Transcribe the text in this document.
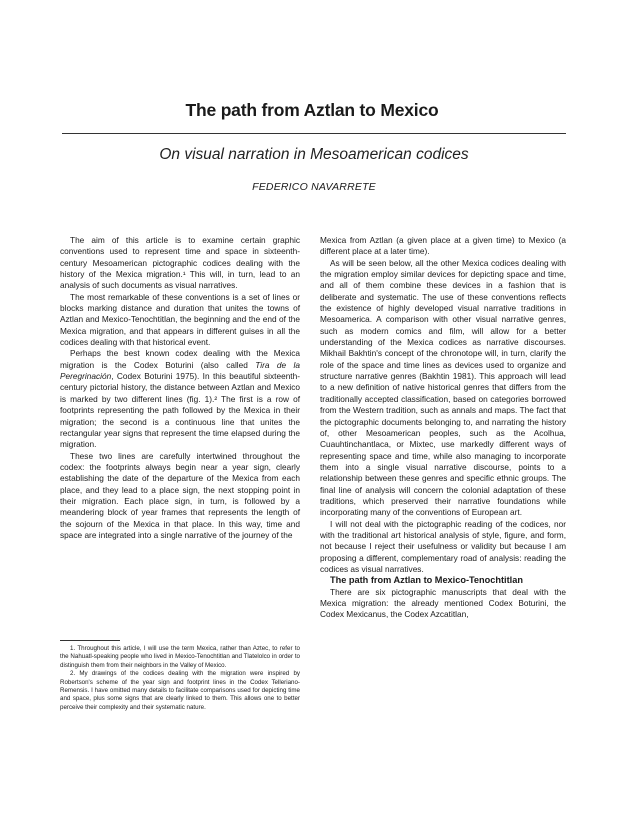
The path from Aztlan to Mexico
On visual narration in Mesoamerican codices
FEDERICO NAVARRETE

The aim of this article is to examine certain graphic conventions used to represent time and space in sixteenth-century Mesoamerican pictographic codices dealing with the history of the Mexica migration.¹ This will, in turn, lead to an analysis of such documents as visual narratives.

The most remarkable of these conventions is a set of lines or blocks marking distance and duration that unites the towns of Aztlan and Mexico-Tenochtitlan, the beginning and the end of the Mexica migration, and that appears in different guises in all the codices dealing with that historical event.

Perhaps the best known codex dealing with the Mexica migration is the Codex Boturini (also called Tira de la Peregrinación, Codex Boturini 1975). In this beautiful sixteenth-century pictorial history, the distance between Aztlan and Mexico is marked by two different lines (fig. 1).² The first is a row of footprints representing the path followed by the Mexica in their migration; the second is a continuous line that unites the rectangular year signs that represent the time elapsed during the migration.

These two lines are carefully intertwined throughout the codex: the footprints always begin near a year sign, clearly establishing the date of the departure of the Mexica from each place, and they lead to a place sign, the next stopping point in their migration. Each place sign, in turn, is followed by a meandering block of year frames that represents the length of the sojourn of the Mexica in that place. In this way, time and space are integrated into a single narrative of the journey of the

1. Throughout this article, I will use the term Mexica, rather than Aztec, to refer to the Nahuatl-speaking people who lived in Mexico-Tenochtitlan and Tlatelolco in order to distinguish them from their neighbors in the Valley of Mexico.

2. My drawings of the codices dealing with the migration were inspired by Robertson's scheme of the year sign and footprint lines in the Codex Telleriano-Remensis. I have omitted many details to facilitate comparisons used for depicting time and space, plus some signs that are clearly linked to them. This allows one to better perceive their complexity and their systematic nature.

Mexica from Aztlan (a given place at a given time) to Mexico (a different place at a later time).

As will be seen below, all the other Mexica codices dealing with the migration employ similar devices for depicting space and time, and all of them combine these devices in a fashion that is deliberate and systematic. The use of these conventions reflects the existence of highly developed visual narrative traditions in Mesoamerica. A comparison with other visual narrative genres, such as modern comics and film, will allow for a better understanding of the Mexica codices as narrative discourses. Mikhail Bakhtin's concept of the chronotope will, in turn, clarify the role of the space and time lines as devices used to organize and structure narrative genres (Bakhtin 1981). This approach will lead to a new definition of native historical genres that differs from the traditionally accepted classification, based on categories borrowed from the Western tradition, such as annals and maps. The fact that the pictographic documents belonging to, and narrating the history of, other Mesoamerican peoples, such as the Acolhua, Cuauhtinchantlaca, or Mixtec, use markedly different ways of representing space and time, while also managing to incorporate them into a single visual narrative discourse, points to a relationship between these genres and specific ethnic groups. The final line of analysis will concern the colonial adaptation of these traditions, which preserved their narrative foundations while incorporating many of the conventions of European art.

I will not deal with the pictographic reading of the codices, nor with the traditional art historical analysis of style, figure, and form, not because I reject their usefulness or validity but because I am proposing a different, complementary road of analysis: reading the codices as visual narratives.

The path from Aztlan to Mexico-Tenochtitlan

There are six pictographic manuscripts that deal with the Mexica migration: the already mentioned Codex Boturini, the Codex Mexicanus, the Codex Azcatitlan,
